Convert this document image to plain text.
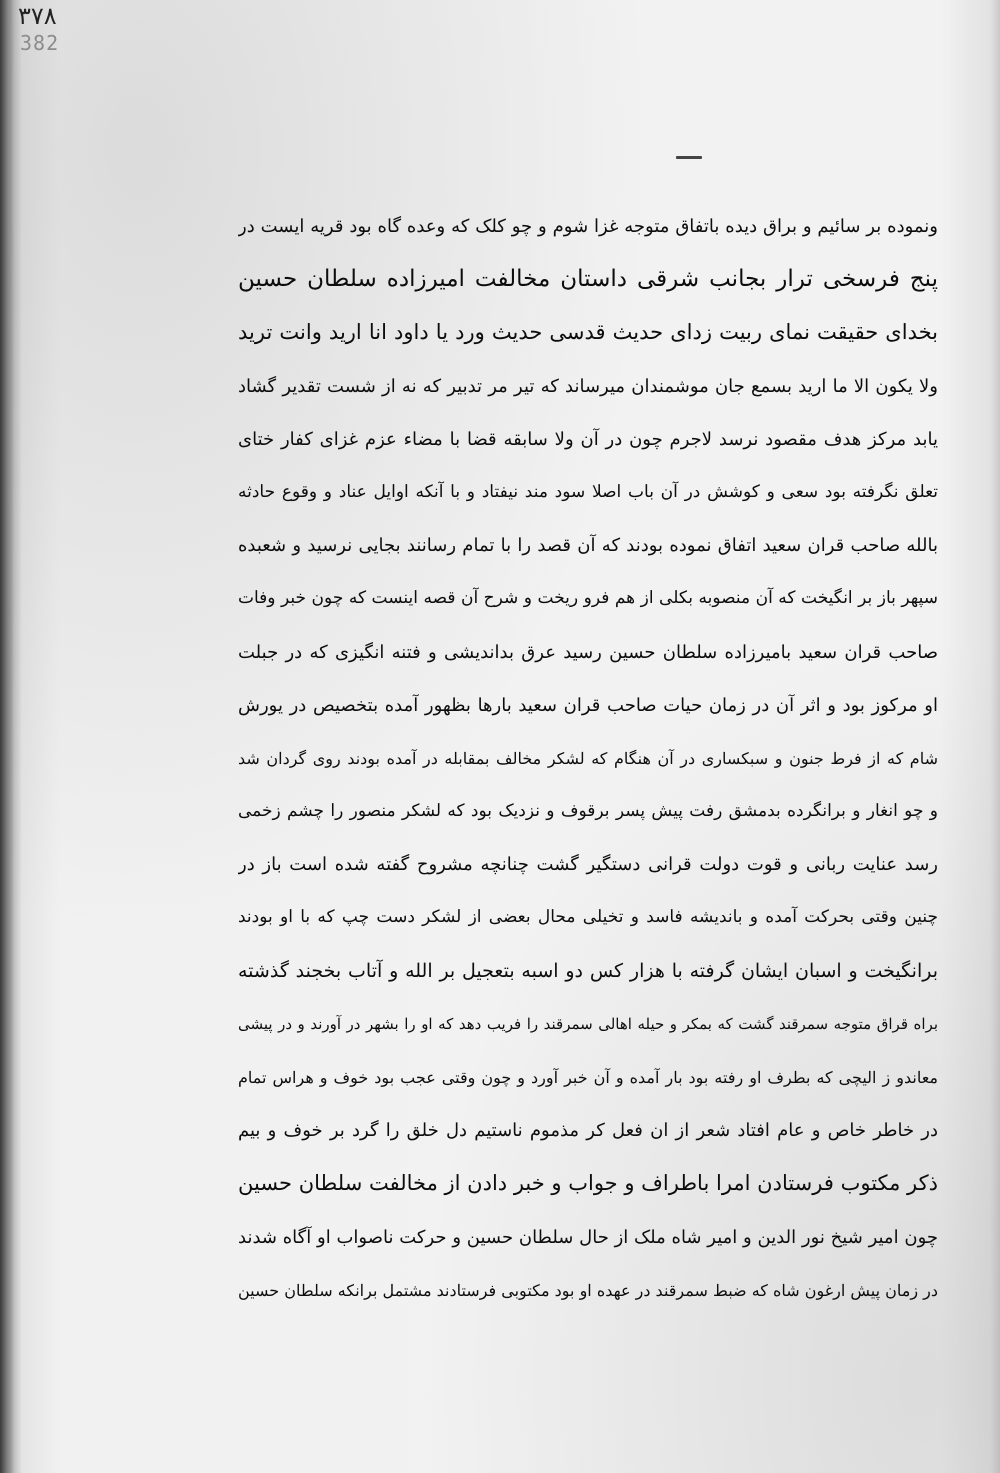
٣٧٨
382
ونموده بر سائیم و براق دیده باتفاق متوجه غزا شوم و چو کلک که وعده گاه بود قریه ایست در
پنج فرسخی ترار بجانب شرقی داستان مخالفت امیرزاده سلطان حسین
بخدای حقیقت نمای ربیت زدای حدیث قدسی حدیث ورد یا داود انا ارید وانت ترید
ولا یکون الا ما ارید بسمع جان موشمندان میرساند که تیر مر تدبیر که نه از شست تقدیر گشاد
یابد مرکز هدف مقصود نرسد لاجرم چون در آن ولا سابقه قضا با مضاء عزم غزای کفار ختای
تعلق نگرفته بود سعی و کوشش در آن باب اصلا سود مند نیفتاد و با آنکه اوایل عناد و وقوع حادثه
بالله صاحب قران سعید اتفاق نموده بودند که آن قصد را با تمام رسانند بجایی نرسید و شعبده
سپهر باز بر انگیخت که آن منصوبه بکلی از هم فرو ریخت و شرح آن قصه اینست که چون خبر وفات
صاحب قران سعید بامیرزاده سلطان حسین رسید عرق بداندیشی و فتنه انگیزی که در جبلت
او مرکوز بود و اثر آن در زمان حیات صاحب قران سعید بارها بظهور آمده بتخصیص در یورش
شام که از فرط جنون و سبکساری در آن هنگام که لشکر مخالف بمقابله در آمده بودند روی گردان شد
و چو انغار و برانگرده بدمشق رفت پیش پسر برقوف و نزدیک بود که لشکر منصور را چشم زخمی
رسد عنایت ربانی و قوت دولت قرانی دستگیر گشت چنانچه مشروح گفته شده است باز در
چنین وقتی بحرکت آمده و باندیشه فاسد و تخیلی محال بعضی از لشکر دست چپ که با او بودند
برانگیخت و اسبان ایشان گرفته با هزار کس دو اسبه بتعجیل بر الله و آتاب بخجند گذشته
براه قراق متوجه سمرقند گشت که بمکر و حیله اهالی سمرقند را فریب دهد که او را بشهر در آورند و در پیشی
معاندو ز الیچی که بطرف او رفته بود بار آمده و آن خبر آورد و چون وقتی عجب بود خوف و هراس تمام
در خاطر خاص و عام افتاد شعر از ان فعل کر مذموم ناستیم دل خلق را گرد بر خوف و بیم
ذکر مکتوب فرستادن امرا باطراف و جواب و خبر دادن از مخالفت سلطان حسین
چون امیر شیخ نور الدین و امیر شاه ملک از حال سلطان حسین و حرکت ناصواب او آگاه شدند
در زمان پیش ارغون شاه که ضبط سمرقند در عهده او بود مکتوبی فرستادند مشتمل برانکه سلطان حسین
